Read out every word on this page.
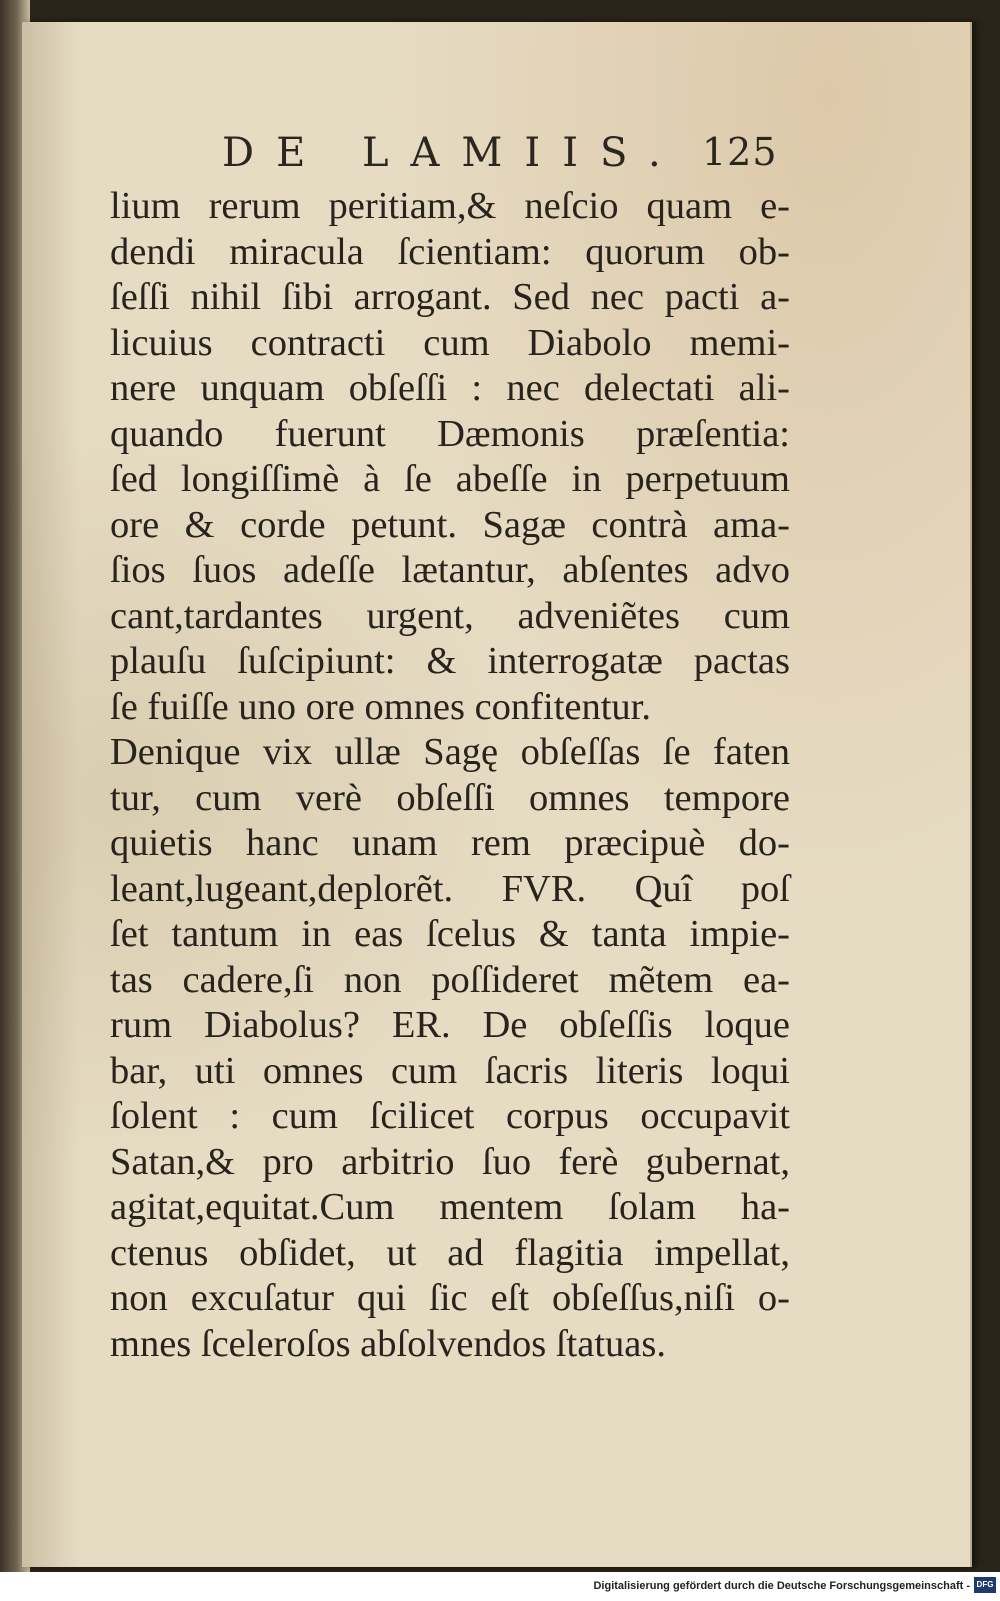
DE LAMIIS. 125
lium rerum peritiam,& neſcio quam e-
dendi miracula ſcientiam: quorum ob-
ſeſſi nihil ſibi arrogant. Sed nec pacti a-
licuius contracti cum Diabolo memi-
nere unquam obſeſſi : nec delectati ali-
quando fuerunt Dæmonis præſentia:
ſed longiſſimè à ſe abeſſe in perpetuum
ore & corde petunt. Sagæ contrà ama-
ſios ſuos adeſſe lætantur, abſentes advo
cant,tardantes urgent, adveniẽtes cum
plauſu ſuſcipiunt: & interrogatæ pactas
ſe fuiſſe uno ore omnes confitentur.
Denique vix ullæ Sagę obſeſſas ſe faten
tur, cum verè obſeſſi omnes tempore
quietis hanc unam rem præcipuè do-
leant,lugeant,deplorẽt. FVR. Quî poſ
ſet tantum in eas ſcelus & tanta impie-
tas cadere,ſi non poſſideret mẽtem ea-
rum Diabolus? ER. De obſeſſis loque
bar, uti omnes cum ſacris literis loqui
ſolent : cum ſcilicet corpus occupavit
Satan,& pro arbitrio ſuo ferè gubernat,
agitat,equitat.Cum mentem ſolam ha-
ctenus obſidet, ut ad flagitia impellat,
non excuſatur qui ſic eſt obſeſſus,niſi o-
mnes ſceleroſos abſolvendos ſtatuas.
Digitalisierung gefördert durch die Deutsche Forschungsgemeinschaft - DFG
